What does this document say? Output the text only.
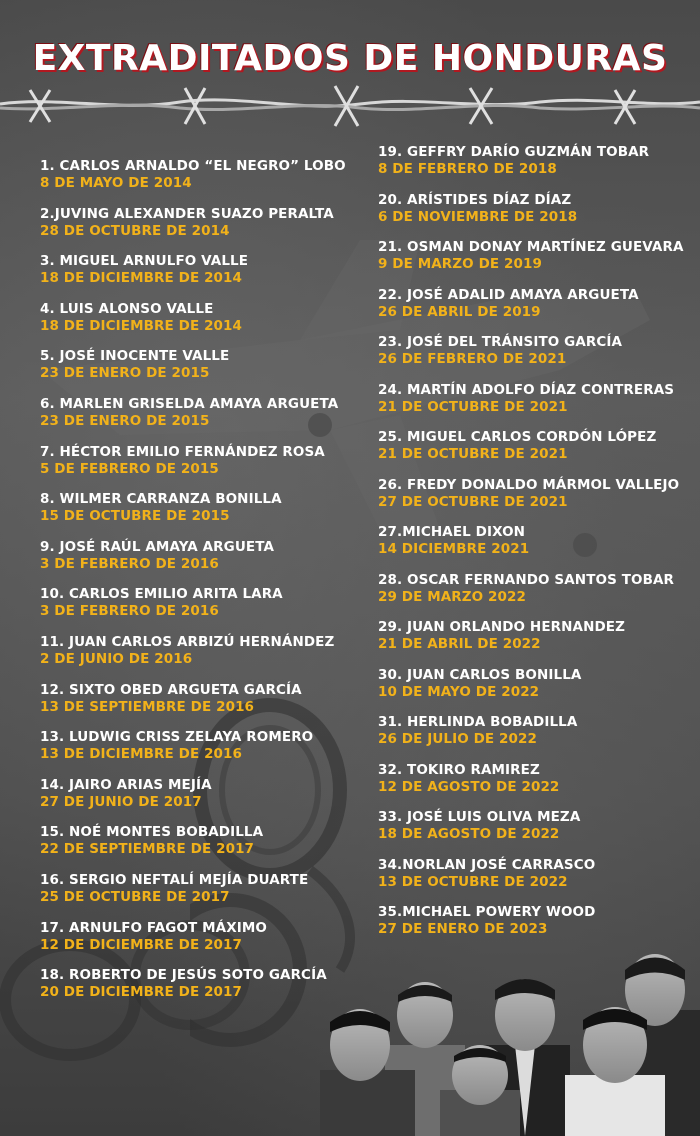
EXTRADITADOS DE HONDURAS
1. CARLOS ARNALDO “EL NEGRO” LOBO
8 DE MAYO DE 2014
2.JUVING ALEXANDER SUAZO PERALTA
28 DE OCTUBRE DE 2014
3. MIGUEL ARNULFO VALLE
18 DE DICIEMBRE DE 2014
4. LUIS ALONSO VALLE
18 DE DICIEMBRE DE 2014
5. JOSÉ INOCENTE VALLE
23 DE ENERO DE 2015
6. MARLEN GRISELDA AMAYA ARGUETA
23 DE ENERO DE 2015
7. HÉCTOR EMILIO FERNÁNDEZ ROSA
5 DE FEBRERO DE 2015
8. WILMER CARRANZA BONILLA
15 DE OCTUBRE DE 2015
9. JOSÉ RAÚL AMAYA ARGUETA
3 DE FEBRERO DE 2016
10. CARLOS EMILIO ARITA LARA
3 DE FEBRERO DE 2016
11. JUAN CARLOS ARBIZÚ HERNÁNDEZ
2 DE JUNIO DE 2016
12. SIXTO OBED ARGUETA GARCÍA
13 DE SEPTIEMBRE DE 2016
13. LUDWIG CRISS ZELAYA ROMERO
13 DE DICIEMBRE DE 2016
14. JAIRO ARIAS MEJÍA
27 DE JUNIO DE 2017
15. NOÉ MONTES BOBADILLA
22 DE SEPTIEMBRE DE 2017
16. SERGIO NEFTALÍ MEJÍA DUARTE
25 DE OCTUBRE DE 2017
17. ARNULFO FAGOT MÁXIMO
12 DE DICIEMBRE DE 2017
18. ROBERTO DE JESÚS SOTO GARCÍA
20 DE DICIEMBRE DE 2017
19. GEFFRY DARÍO GUZMÁN TOBAR
8 DE FEBRERO DE 2018
20. ARÍSTIDES DÍAZ DÍAZ
6 DE NOVIEMBRE DE 2018
21. OSMAN DONAY MARTÍNEZ GUEVARA
9 DE MARZO DE 2019
22. JOSÉ ADALID AMAYA ARGUETA
26 DE ABRIL DE 2019
23. JOSÉ DEL TRÁNSITO GARCÍA
26 DE FEBRERO DE 2021
24. MARTÍN ADOLFO DÍAZ CONTRERAS
21 DE OCTUBRE DE 2021
25. MIGUEL CARLOS CORDÓN LÓPEZ
21 DE OCTUBRE DE 2021
26. FREDY DONALDO MÁRMOL VALLEJO
27 DE OCTUBRE DE 2021
27.MICHAEL DIXON
14 DICIEMBRE 2021
28. OSCAR FERNANDO SANTOS TOBAR
29 DE MARZO 2022
29. JUAN ORLANDO HERNANDEZ
21 DE ABRIL DE 2022
30. JUAN CARLOS BONILLA
10 DE MAYO DE 2022
31. HERLINDA BOBADILLA
26 DE JULIO DE 2022
32. TOKIRO RAMIREZ
12 DE AGOSTO DE 2022
33. JOSÉ LUIS OLIVA MEZA
18 DE AGOSTO DE 2022
34.NORLAN JOSÉ CARRASCO
13 DE OCTUBRE DE 2022
35.MICHAEL POWERY WOOD
27 DE ENERO DE 2023
